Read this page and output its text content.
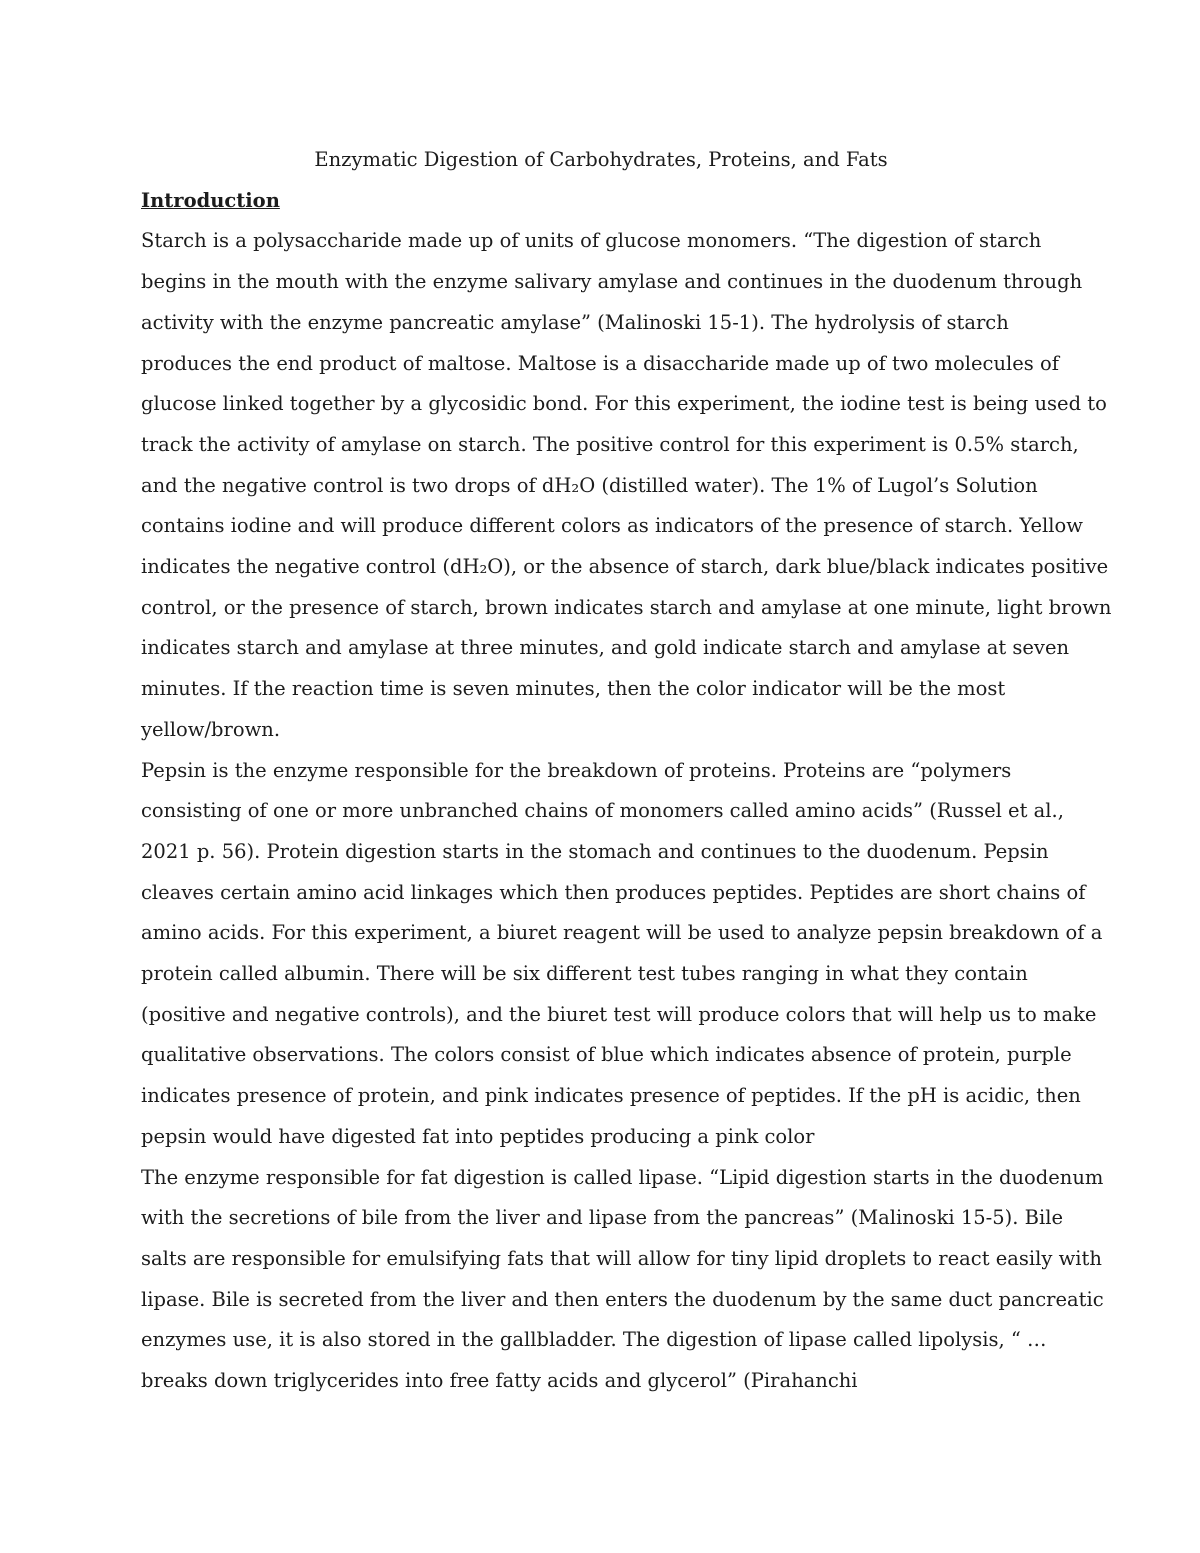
Enzymatic Digestion of Carbohydrates, Proteins, and Fats

Introduction

Starch is a polysaccharide made up of units of glucose monomers. “The digestion of starch

begins in the mouth with the enzyme salivary amylase and continues in the duodenum through

activity with the enzyme pancreatic amylase” (Malinoski 15-1). The hydrolysis of starch

produces the end product of maltose. Maltose is a disaccharide made up of two molecules of

glucose linked together by a glycosidic bond. For this experiment, the iodine test is being used to

track the activity of amylase on starch. The positive control for this experiment is 0.5% starch,

and the negative control is two drops of dH₂O (distilled water). The 1% of Lugol’s Solution

contains iodine and will produce different colors as indicators of the presence of starch. Yellow

indicates the negative control (dH₂O), or the absence of starch, dark blue/black indicates positive

control, or the presence of starch, brown indicates starch and amylase at one minute, light brown

indicates starch and amylase at three minutes, and gold indicate starch and amylase at seven

minutes. If the reaction time is seven minutes, then the color indicator will be the most

yellow/brown.

Pepsin is the enzyme responsible for the breakdown of proteins. Proteins are “polymers

consisting of one or more unbranched chains of monomers called amino acids” (Russel et al.,

2021 p. 56). Protein digestion starts in the stomach and continues to the duodenum. Pepsin

cleaves certain amino acid linkages which then produces peptides. Peptides are short chains of

amino acids. For this experiment, a biuret reagent will be used to analyze pepsin breakdown of a

protein called albumin. There will be six different test tubes ranging in what they contain

(positive and negative controls), and the biuret test will produce colors that will help us to make

qualitative observations. The colors consist of blue which indicates absence of protein, purple

indicates presence of protein, and pink indicates presence of peptides. If the pH is acidic, then

pepsin would have digested fat into peptides producing a pink color

The enzyme responsible for fat digestion is called lipase. “Lipid digestion starts in the duodenum

with the secretions of bile from the liver and lipase from the pancreas” (Malinoski 15-5). Bile

salts are responsible for emulsifying fats that will allow for tiny lipid droplets to react easily with

lipase. Bile is secreted from the liver and then enters the duodenum by the same duct pancreatic

enzymes use, it is also stored in the gallbladder. The digestion of lipase called lipolysis, “ …

breaks down triglycerides into free fatty acids and glycerol” (Pirahanchi
